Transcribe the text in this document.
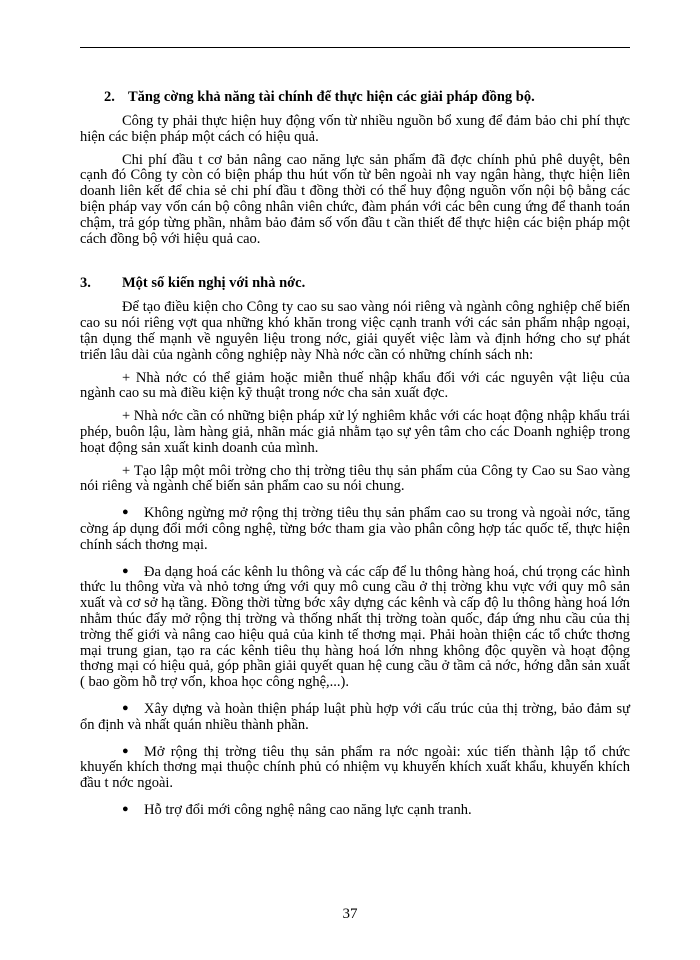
2. Tăng cờng khả năng tài chính để thực hiện các giải pháp đồng bộ.

Công ty phải thực hiện huy động vốn từ nhiều nguồn bổ xung để đảm bảo chi phí thực hiện các biện pháp một cách có hiệu quả.

Chi phí đầu t cơ bản nâng cao năng lực sản phẩm đã đợc chính phủ phê duyệt, bên cạnh đó Công ty còn có biện pháp thu hút vốn từ bên ngoài nh vay ngân hàng, thực hiện liên doanh liên kết để chia sẻ chi phí đầu t đồng thời có thể huy động nguồn vốn nội bộ bằng các biện pháp vay vốn cán bộ công nhân viên chức, đàm phán với các bên cung ứng để thanh toán chậm, trả góp từng phần, nhằm bảo đảm số vốn đầu t cần thiết để thực hiện các biện pháp một cách đồng bộ với hiệu quả cao.

3. Một số kiến nghị với nhà nớc.

Để tạo điều kiện cho Công ty cao su sao vàng nói riêng và ngành công nghiệp chế biến cao su nói riêng vợt qua những khó khăn trong việc cạnh tranh với các sản phẩm nhập ngoại, tận dụng thế mạnh về nguyên liệu trong nớc, giải quyết việc làm và định hớng cho sự phát triển lâu dài của ngành công nghiệp này Nhà nớc cần có những chính sách nh:

+ Nhà nớc có thể giảm hoặc miễn thuế nhập khẩu đối với các nguyên vật liệu của ngành cao su mà điều kiện kỹ thuật trong nớc cha sản xuất đợc.

+ Nhà nớc cần có những biện pháp xử lý nghiêm khắc với các hoạt động nhập khẩu trái phép, buôn lậu, làm hàng giả, nhãn mác giả nhằm tạo sự yên tâm cho các Doanh nghiệp trong hoạt động sản xuất kinh doanh của mình.

+ Tạo lập một môi trờng cho thị trờng tiêu thụ sản phẩm của Công ty Cao su Sao vàng nói riêng và ngành chế biến sản phẩm cao su nói chung.

● Không ngừng mở rộng thị trờng tiêu thụ sản phẩm cao su trong và ngoài nớc, tăng cờng áp dụng đổi mới công nghệ, từng bớc tham gia vào phân công hợp tác quốc tế, thực hiện chính sách thơng mại.

● Đa dạng hoá các kênh lu thông và các cấp để lu thông hàng hoá, chú trọng các hình thức lu thông vừa và nhỏ tơng ứng với quy mô cung cầu ở thị trờng khu vực với quy mô sản xuất và cơ sở hạ tầng. Đồng thời từng bớc xây dựng các kênh và cấp độ lu thông hàng hoá lớn nhằm thúc đẩy mở rộng thị trờng và thống nhất thị trờng toàn quốc, đáp ứng nhu cầu của thị trờng thế giới và nâng cao hiệu quả của kinh tế thơng mại. Phải hoàn thiện các tổ chức thơng mại trung gian, tạo ra các kênh tiêu thụ hàng hoá lớn nhng không độc quyền và hoạt động thơng mại có hiệu quả, góp phần giải quyết quan hệ cung cầu ở tầm cả nớc, hớng dẫn sản xuất ( bao gồm hỗ trợ vốn, khoa học công nghệ,...).

● Xây dựng và hoàn thiện pháp luật phù hợp với cấu trúc của thị trờng, bảo đảm sự ổn định và nhất quán nhiều thành phần.

● Mở rộng thị trờng tiêu thụ sản phẩm ra nớc ngoài: xúc tiến thành lập tổ chức khuyến khích thơng mại thuộc chính phủ có nhiệm vụ khuyến khích xuất khẩu, khuyến khích đầu t nớc ngoài.

● Hỗ trợ đổi mới công nghệ nâng cao năng lực cạnh tranh.

37
